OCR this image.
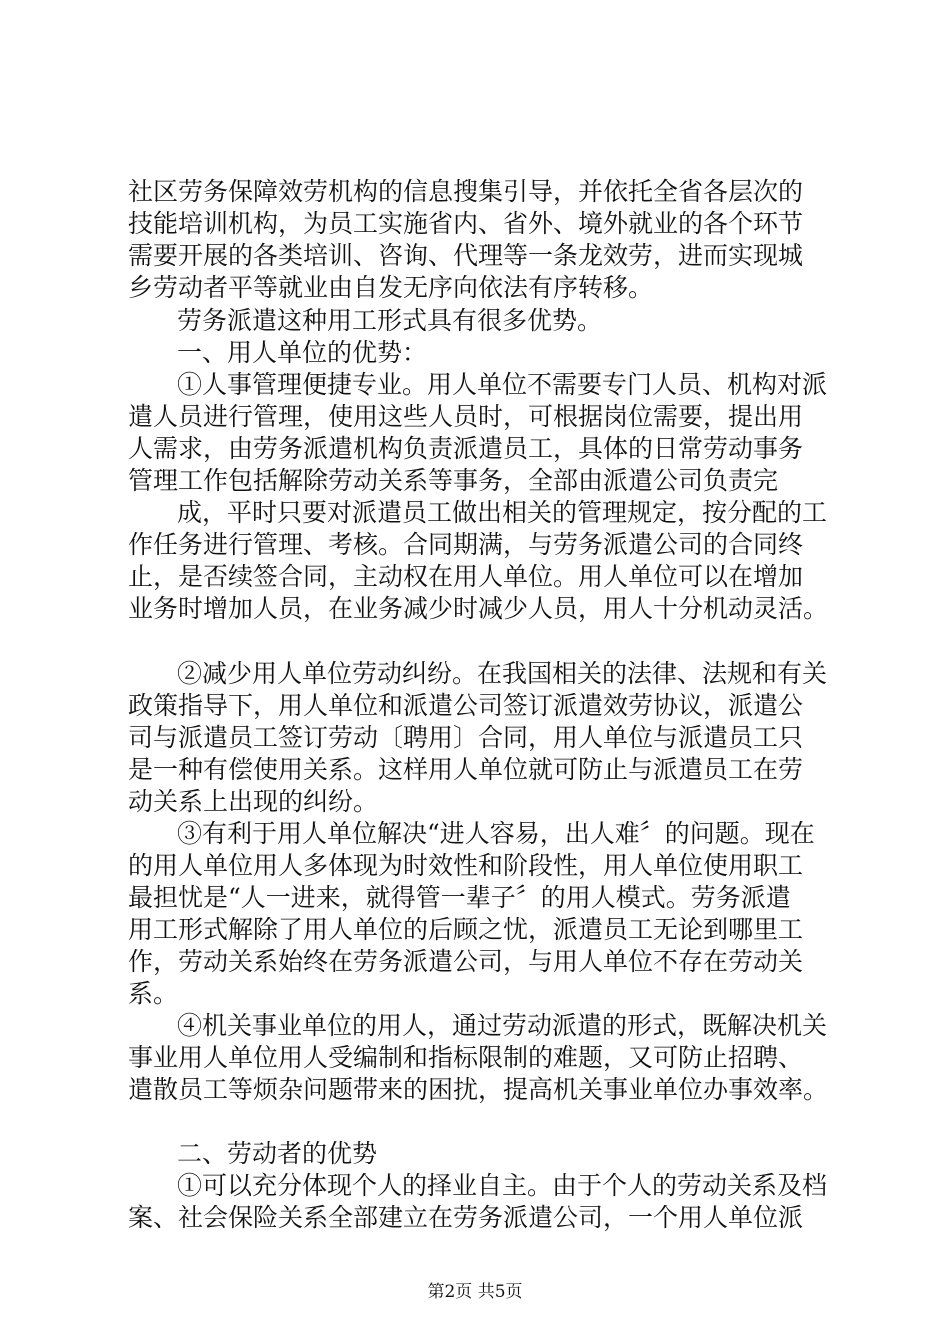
社区劳务保障效劳机构的信息搜集引导，并依托全省各层次的
技能培训机构，为员工实施省内、省外、境外就业的各个环节
需要开展的各类培训、咨询、代理等一条龙效劳，进而实现城
乡劳动者平等就业由自发无序向依法有序转移。
劳务派遣这种用工形式具有很多优势。
一、用人单位的优势：
①人事管理便捷专业。用人单位不需要专门人员、机构对派
遣人员进行管理，使用这些人员时，可根据岗位需要，提出用
人需求，由劳务派遣机构负责派遣员工，具体的日常劳动事务
管理工作包括解除劳动关系等事务，全部由派遣公司负责完
成，平时只要对派遣员工做出相关的管理规定，按分配的工
作任务进行管理、考核。合同期满，与劳务派遣公司的合同终
止，是否续签合同，主动权在用人单位。用人单位可以在增加
业务时增加人员，在业务减少时减少人员，用人十分机动灵活。
②减少用人单位劳动纠纷。在我国相关的法律、法规和有关
政策指导下，用人单位和派遣公司签订派遣效劳协议，派遣公
司与派遣员工签订劳动〔聘用〕合同，用人单位与派遣员工只
是一种有偿使用关系。这样用人单位就可防止与派遣员工在劳
动关系上出现的纠纷。
③有利于用人单位解决“进人容易，出人难〞的问题。现在
的用人单位用人多体现为时效性和阶段性，用人单位使用职工
最担忧是“人一进来，就得管一辈子〞的用人模式。劳务派遣
用工形式解除了用人单位的后顾之忧，派遣员工无论到哪里工
作，劳动关系始终在劳务派遣公司，与用人单位不存在劳动关
系。
④机关事业单位的用人，通过劳动派遣的形式，既解决机关
事业用人单位用人受编制和指标限制的难题，又可防止招聘、
遣散员工等烦杂问题带来的困扰，提高机关事业单位办事效率。
二、劳动者的优势
①可以充分体现个人的择业自主。由于个人的劳动关系及档
案、社会保险关系全部建立在劳务派遣公司，一个用人单位派
第2页 共5页
